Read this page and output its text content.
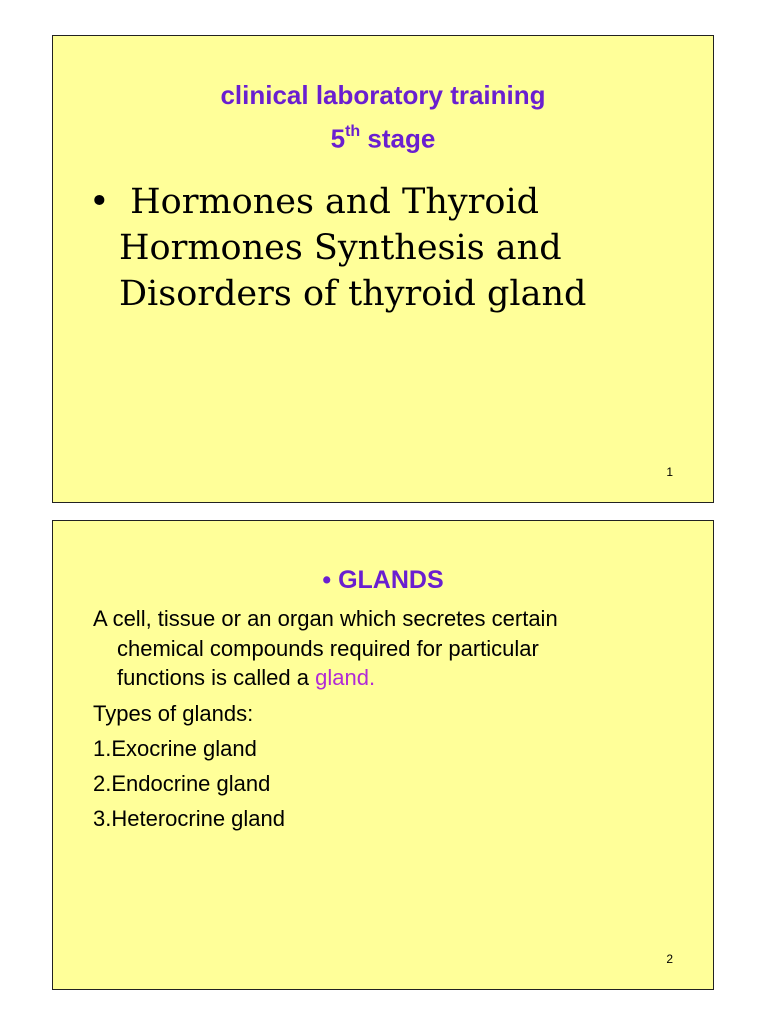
clinical laboratory training
5th stage
• Hormones and Thyroid
Hormones Synthesis and
Disorders of thyroid gland
1
• GLANDS
A cell, tissue or an organ which secretes certain
chemical compounds required for particular
functions is called a gland.
Types of glands:
1.Exocrine gland
2.Endocrine gland
3.Heterocrine gland
2
